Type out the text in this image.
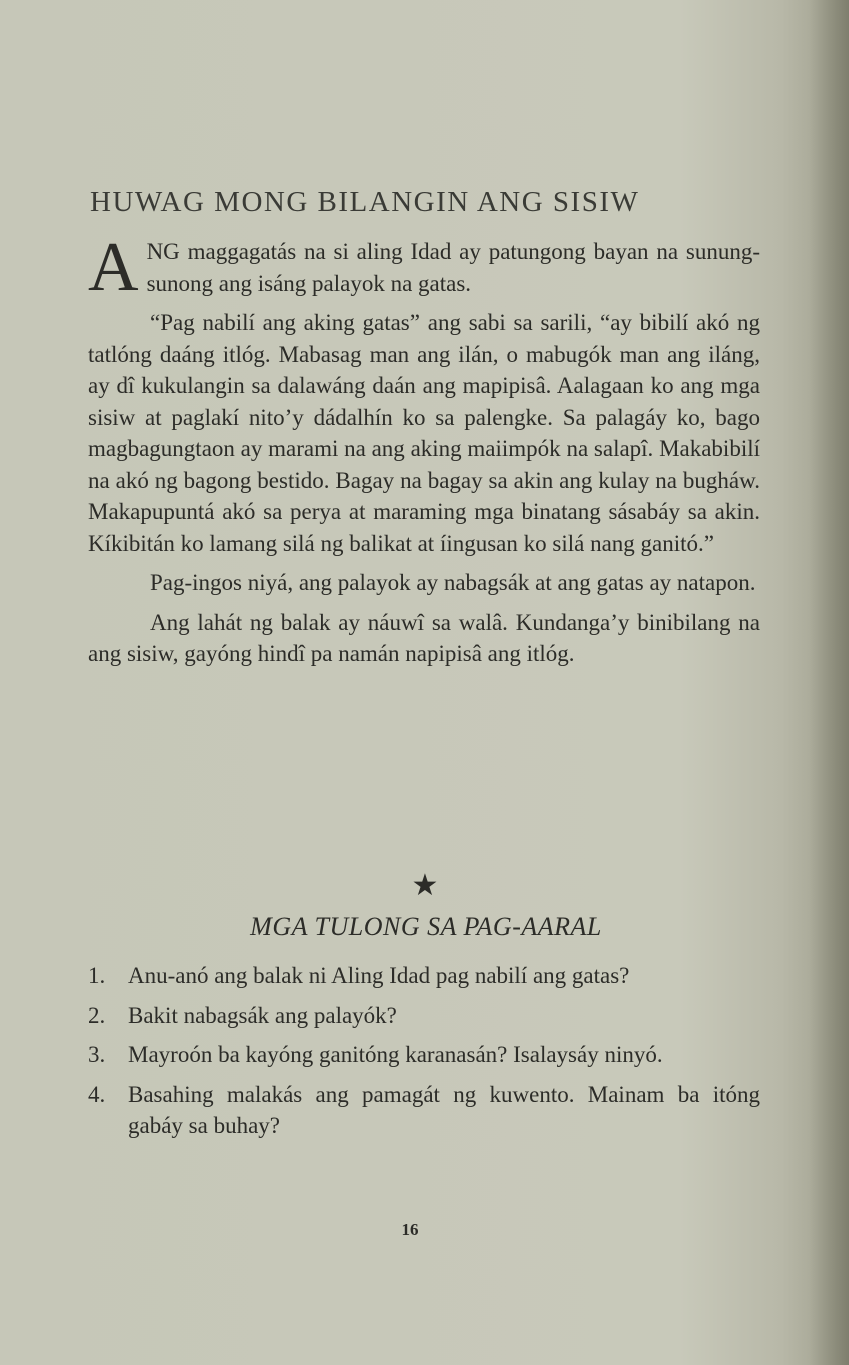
HUWAG MONG BILANGIN ANG SISIW

ANG maggagatás na si aling Idad ay patungong bayan na sunung-sunong ang isáng palayok na gatas.

“Pag nabilí ang aking gatas” ang sabi sa sarili, “ay bibilí akó ng tatlóng daáng itlóg. Mabasag man ang ilán, o mabugók man ang iláng, ay dî kukulangin sa dalawáng daán ang mapipisâ. Aalagaan ko ang mga sisiw at paglakí nito’y dádalhín ko sa palengke. Sa palagáy ko, bago magbagungtaon ay marami na ang aking maiimpók na salapî. Makabibilí na akó ng bagong bestido. Bagay na bagay sa akin ang kulay na bugháw. Makapupuntá akó sa perya at maraming mga binatang sásabáy sa akin. Kíkibitán ko lamang silá ng balikat at íingusan ko silá nang ganitó.”

Pag-ingos niyá, ang palayok ay nabagsák at ang gatas ay natapon.

Ang lahát ng balak ay náuwî sa walâ. Kundanga’y binibilang na ang sisiw, gayóng hindî pa namán napipisâ ang itlóg.

★
MGA TULONG SA PAG-AARAL
1. Anu-anó ang balak ni Aling Idad pag nabilí ang gatas?
2. Bakit nabagsák ang palayók?
3. Mayroón ba kayóng ganitóng karanasán? Isalaysáy ninyó.
4. Basahing malakás ang pamagát ng kuwento. Mainam ba itóng gabáy sa buhay?
16
